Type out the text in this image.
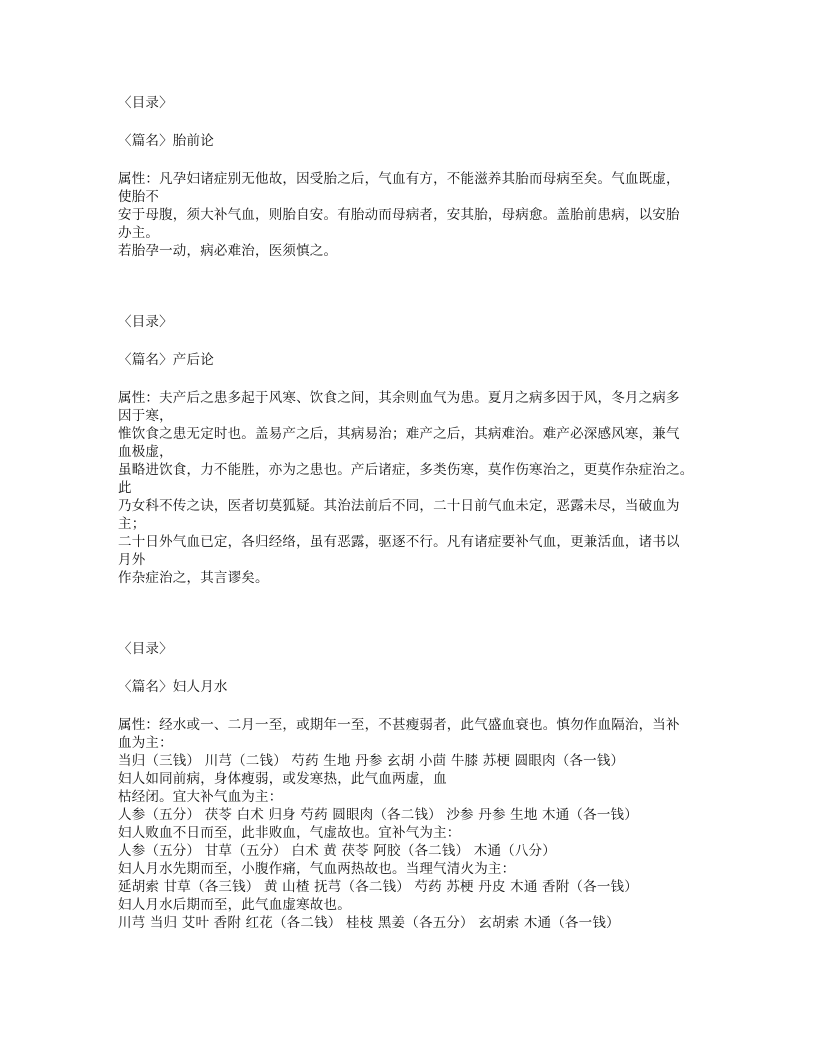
〈目录〉
〈篇名〉胎前论
属性：凡孕妇诸症别无他故，因受胎之后，气血有方，不能滋养其胎而母病至矣。气血既虚，
使胎不
安于母腹，须大补气血，则胎自安。有胎动而母病者，安其胎，母病愈。盖胎前患病，以安胎
办主。
若胎孕一动，病必难治，医须慎之。
〈目录〉
〈篇名〉产后论
属性：夫产后之患多起于风寒、饮食之间，其余则血气为患。夏月之病多因于风，冬月之病多
因于寒，
惟饮食之患无定时也。盖易产之后，其病易治；难产之后，其病难治。难产必深感风寒，兼气
血极虚，
虽略进饮食，力不能胜，亦为之患也。产后诸症，多类伤寒，莫作伤寒治之，更莫作杂症治之。
此
乃女科不传之诀，医者切莫狐疑。其治法前后不同，二十日前气血未定，恶露未尽，当破血为
主；
二十日外气血已定，各归经络，虽有恶露，驱逐不行。凡有诸症要补气血，更兼活血，诸书以
月外
作杂症治之，其言谬矣。
〈目录〉
〈篇名〉妇人月水
属性：经水或一、二月一至，或期年一至，不甚瘦弱者，此气盛血衰也。慎勿作血隔治，当补
血为主：
当归（三钱） 川芎（二钱） 芍药 生地 丹参 玄胡 小茴 牛膝 苏梗 圆眼肉（各一钱）
妇人如同前病，身体瘦弱，或发寒热，此气血两虚，血
枯经闭。宜大补气血为主：
人参（五分） 茯苓 白术 归身 芍药 圆眼肉（各二钱） 沙参 丹参 生地 木通（各一钱）
妇人败血不日而至，此非败血，气虚故也。宜补气为主：
人参（五分） 甘草（五分） 白术 黄 茯苓 阿胶（各二钱） 木通（八分）
妇人月水先期而至，小腹作痛，气血两热故也。当理气清火为主：
延胡索 甘草（各三钱） 黄 山楂 抚芎（各二钱） 芍药 苏梗 丹皮 木通 香附（各一钱）
妇人月水后期而至，此气血虚寒故也。
川芎 当归 艾叶 香附 红花（各二钱） 桂枝 黑姜（各五分） 玄胡索 木通（各一钱）
